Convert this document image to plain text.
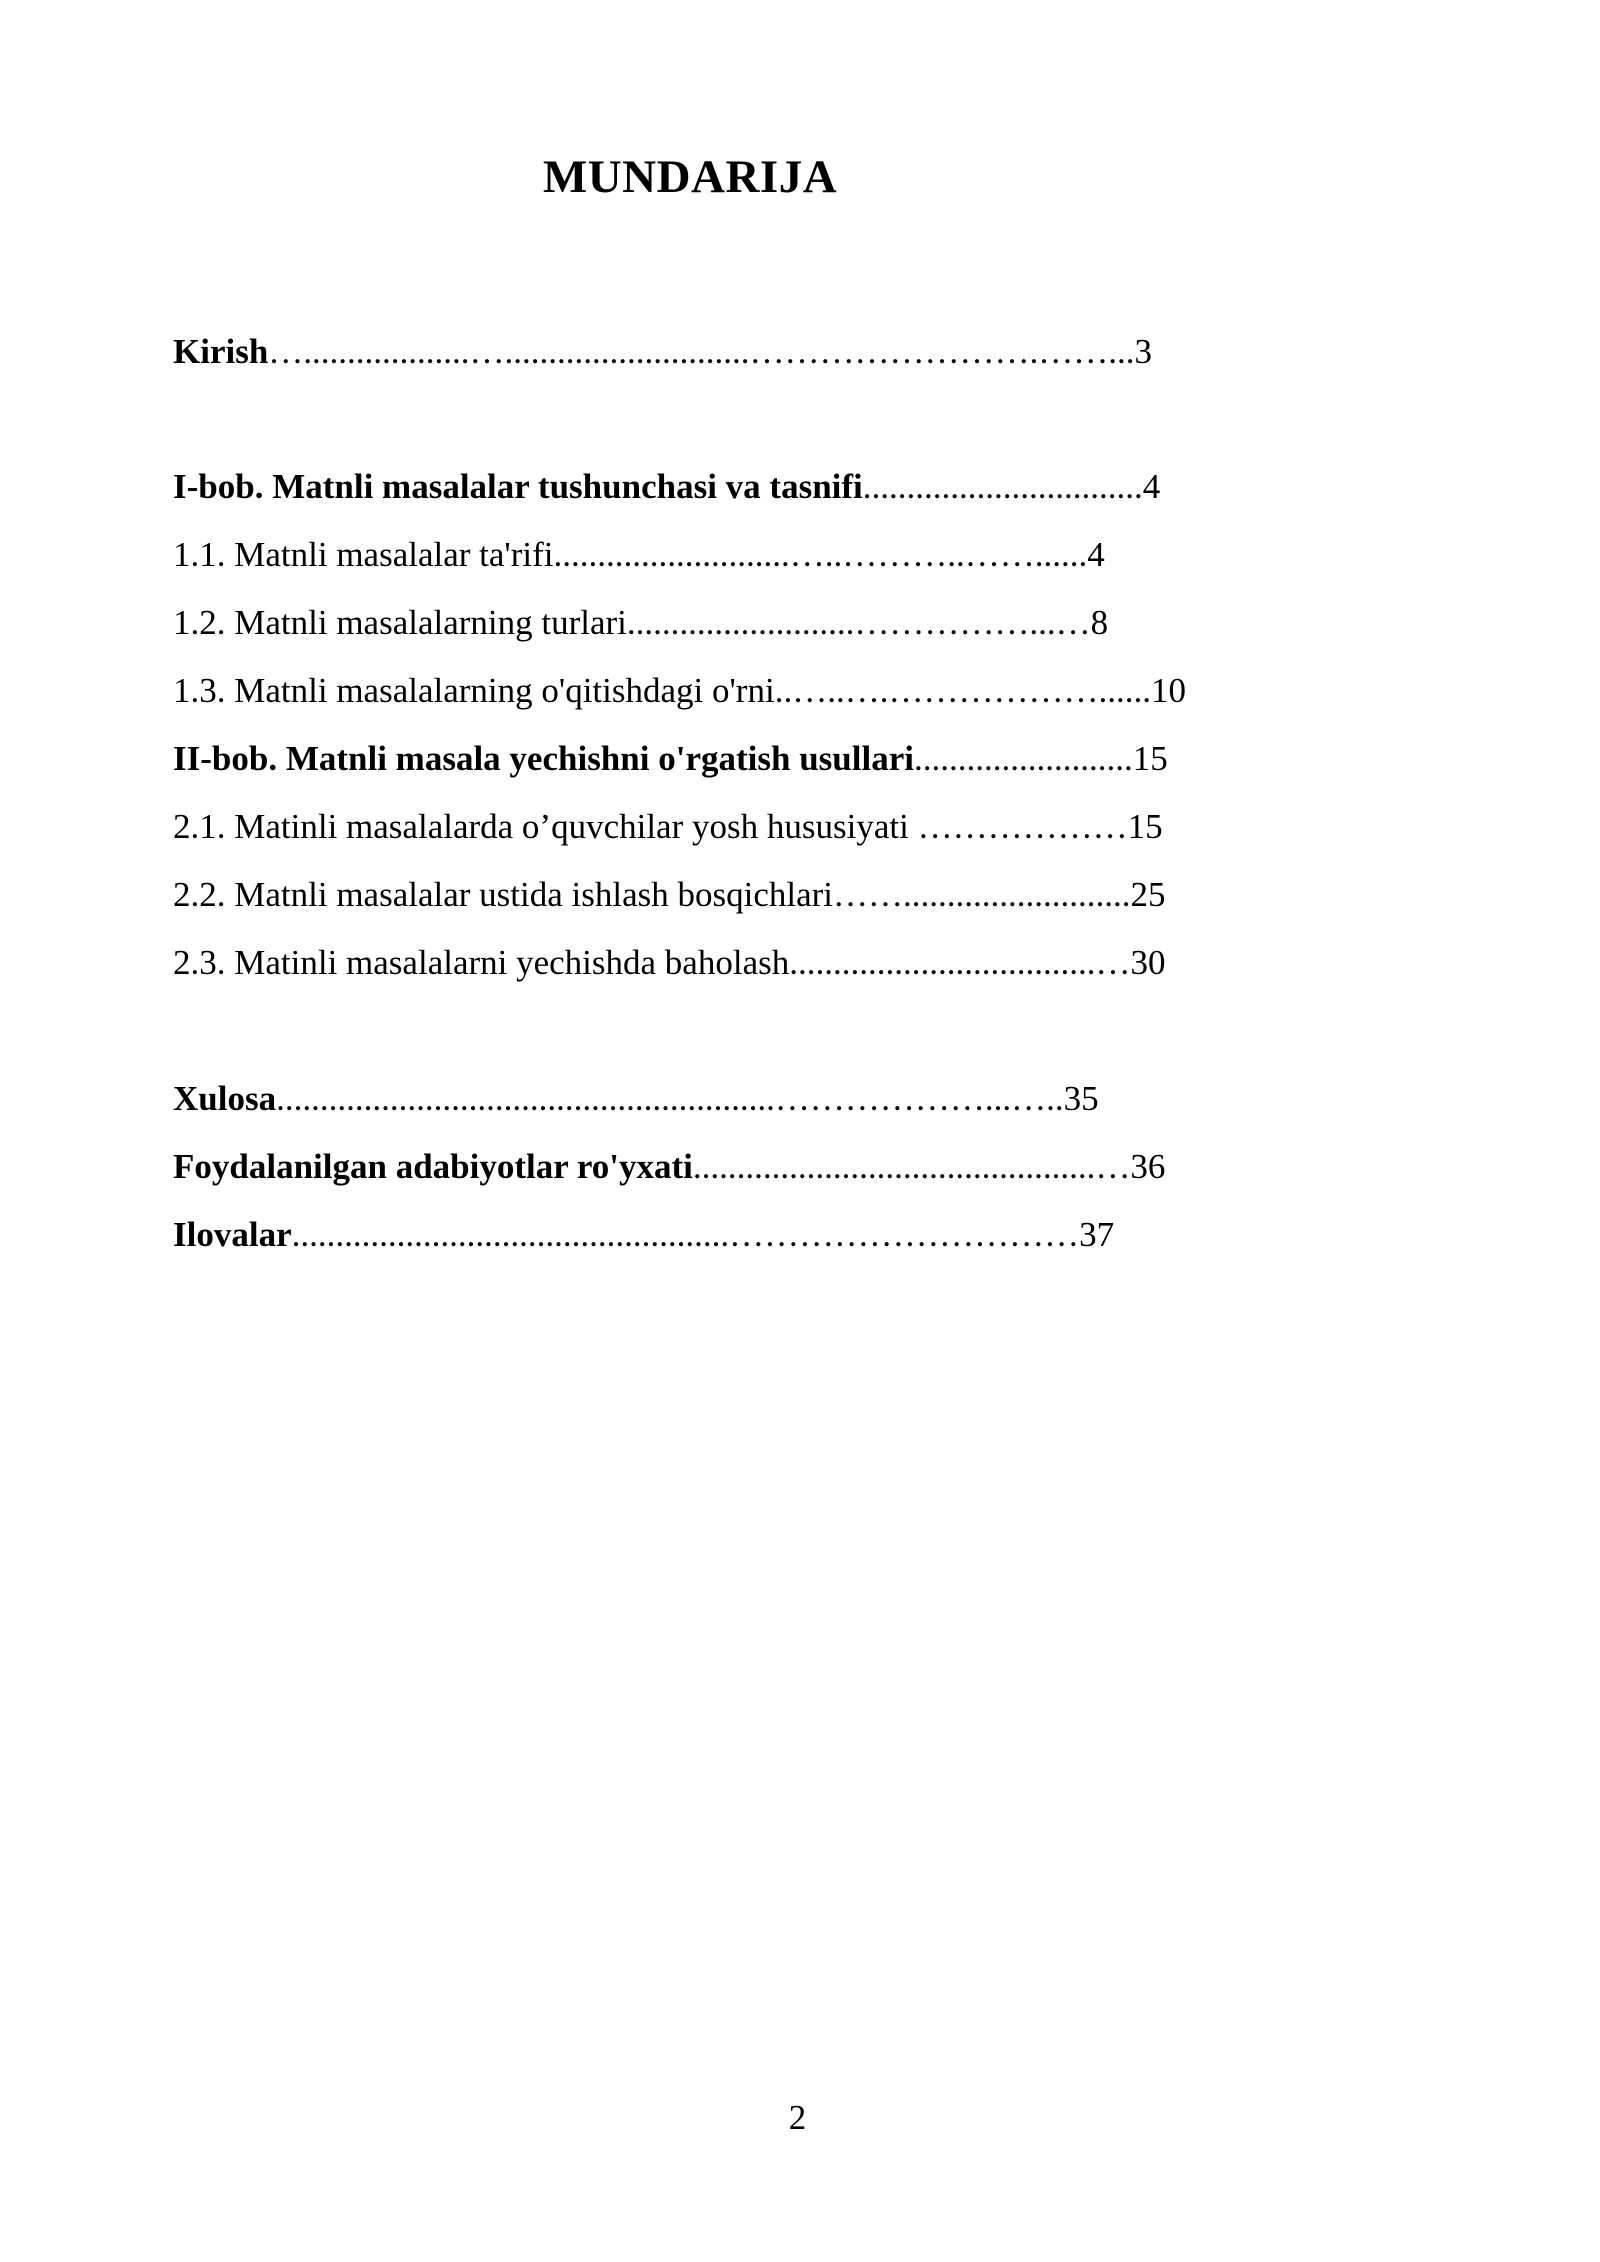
MUNDARIJA
Kirish…...................…............................…………………….……...3
I-bob. Matnli masalalar tushunchasi va tasnifi................................4
1.1. Matnli masalalar ta'rifi...........................…..………..……......4
1.2. Matnli masalalarning turlari..........................……………...…8
1.3. Matnli masalalarning o'qitishdagi o'rni..…..….………………......10
II-bob. Matnli masala yechishni o'rgatish usullari.........................15
2.1. Matinli masalalarda o’quvchilar yosh hususiyati ………………15
2.2. Matnli masalalar ustida ishlash bosqichlari……..........................25
2.3. Matinli masalalarni yechishda baholash...................................…30
Xulosa.........................................................………………...…..35
Foydalanilgan adabiyotlar ro'yxati..............................................…36
Ilovalar..................................................…………………………37
2
